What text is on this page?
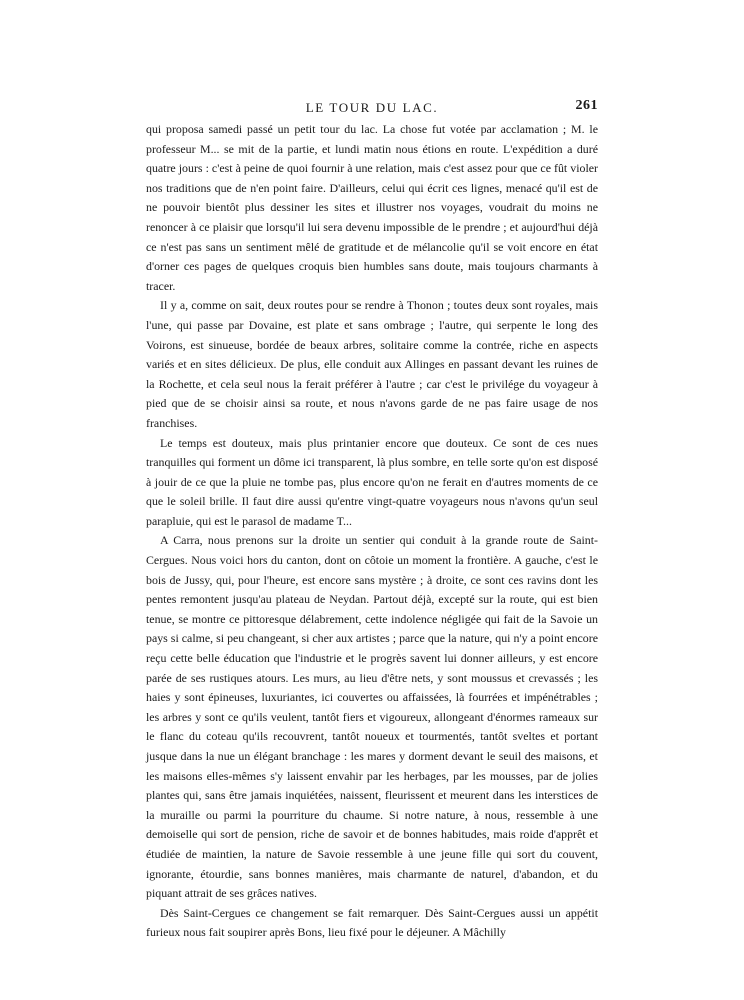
LE TOUR DU LAC.	261

qui proposa samedi passé un petit tour du lac. La chose fut votée par acclamation ; M. le professeur M... se mit de la partie, et lundi matin nous étions en route. L'expédition a duré quatre jours : c'est à peine de quoi fournir à une relation, mais c'est assez pour que ce fût violer nos traditions que de n'en point faire. D'ailleurs, celui qui écrit ces lignes, menacé qu'il est de ne pouvoir bientôt plus dessiner les sites et illustrer nos voyages, voudrait du moins ne renoncer à ce plaisir que lorsqu'il lui sera devenu impossible de le prendre ; et aujourd'hui déjà ce n'est pas sans un sentiment mêlé de gratitude et de mélancolie qu'il se voit encore en état d'orner ces pages de quelques croquis bien humbles sans doute, mais toujours charmants à tracer.

Il y a, comme on sait, deux routes pour se rendre à Thonon ; toutes deux sont royales, mais l'une, qui passe par Dovaine, est plate et sans ombrage ; l'autre, qui serpente le long des Voirons, est sinueuse, bordée de beaux arbres, solitaire comme la contrée, riche en aspects variés et en sites délicieux. De plus, elle conduit aux Allinges en passant devant les ruines de la Rochette, et cela seul nous la ferait préférer à l'autre ; car c'est le privilége du voyageur à pied que de se choisir ainsi sa route, et nous n'avons garde de ne pas faire usage de nos franchises.

Le temps est douteux, mais plus printanier encore que douteux. Ce sont de ces nues tranquilles qui forment un dôme ici transparent, là plus sombre, en telle sorte qu'on est disposé à jouir de ce que la pluie ne tombe pas, plus encore qu'on ne ferait en d'autres moments de ce que le soleil brille. Il faut dire aussi qu'entre vingt-quatre voyageurs nous n'avons qu'un seul parapluie, qui est le parasol de madame T...

A Carra, nous prenons sur la droite un sentier qui conduit à la grande route de Saint-Cergues. Nous voici hors du canton, dont on côtoie un moment la frontière. A gauche, c'est le bois de Jussy, qui, pour l'heure, est encore sans mystère ; à droite, ce sont ces ravins dont les pentes remontent jusqu'au plateau de Neydan. Partout déjà, excepté sur la route, qui est bien tenue, se montre ce pittoresque délabrement, cette indolence négligée qui fait de la Savoie un pays si calme, si peu changeant, si cher aux artistes ; parce que la nature, qui n'y a point encore reçu cette belle éducation que l'industrie et le progrès savent lui donner ailleurs, y est encore parée de ses rustiques atours. Les murs, au lieu d'être nets, y sont moussus et crevassés ; les haies y sont épineuses, luxuriantes, ici couvertes ou affaissées, là fourrées et impénétrables ; les arbres y sont ce qu'ils veulent, tantôt fiers et vigoureux, allongeant d'énormes rameaux sur le flanc du coteau qu'ils recouvrent, tantôt noueux et tourmentés, tantôt sveltes et portant jusque dans la nue un élégant branchage : les mares y dorment devant le seuil des maisons, et les maisons elles-mêmes s'y laissent envahir par les herbages, par les mousses, par de jolies plantes qui, sans être jamais inquiétées, naissent, fleurissent et meurent dans les interstices de la muraille ou parmi la pourriture du chaume. Si notre nature, à nous, ressemble à une demoiselle qui sort de pension, riche de savoir et de bonnes habitudes, mais roide d'apprêt et étudiée de maintien, la nature de Savoie ressemble à une jeune fille qui sort du couvent, ignorante, étourdie, sans bonnes manières, mais charmante de naturel, d'abandon, et du piquant attrait de ses grâces natives.

Dès Saint-Cergues ce changement se fait remarquer. Dès Saint-Cergues aussi un appétit furieux nous fait soupirer après Bons, lieu fixé pour le déjeuner. A Mâchilly
